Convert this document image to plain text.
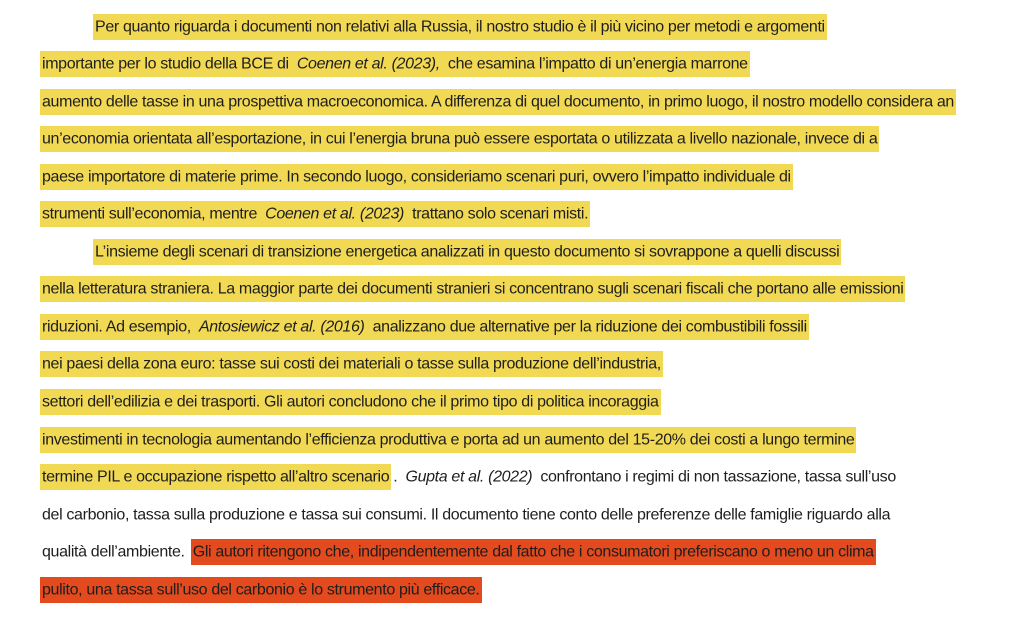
Per quanto riguarda i documenti non relativi alla Russia, il nostro studio è il più vicino per metodi e argomenti
importante per lo studio della BCE di Coenen et al. (2023), che esamina l’impatto di un’energia marrone
aumento delle tasse in una prospettiva macroeconomica. A differenza di quel documento, in primo luogo, il nostro modello considera an
un’economia orientata all’esportazione, in cui l’energia bruna può essere esportata o utilizzata a livello nazionale, invece di a
paese importatore di materie prime. In secondo luogo, consideriamo scenari puri, ovvero l’impatto individuale di
strumenti sull’economia, mentre Coenen et al. (2023) trattano solo scenari misti.
L’insieme degli scenari di transizione energetica analizzati in questo documento si sovrappone a quelli discussi
nella letteratura straniera. La maggior parte dei documenti stranieri si concentrano sugli scenari fiscali che portano alle emissioni
riduzioni. Ad esempio, Antosiewicz et al. (2016) analizzano due alternative per la riduzione dei combustibili fossili
nei paesi della zona euro: tasse sui costi dei materiali o tasse sulla produzione dell’industria,
settori dell’edilizia e dei trasporti. Gli autori concludono che il primo tipo di politica incoraggia
investimenti in tecnologia aumentando l’efficienza produttiva e porta ad un aumento del 15-20% dei costi a lungo termine
termine PIL e occupazione rispetto all’altro scenario . Gupta et al. (2022) confrontano i regimi di non tassazione, tassa sull’uso
del carbonio, tassa sulla produzione e tassa sui consumi. Il documento tiene conto delle preferenze delle famiglie riguardo alla
qualità dell’ambiente. Gli autori ritengono che, indipendentemente dal fatto che i consumatori preferiscano o meno un clima
pulito, una tassa sull’uso del carbonio è lo strumento più efficace.
